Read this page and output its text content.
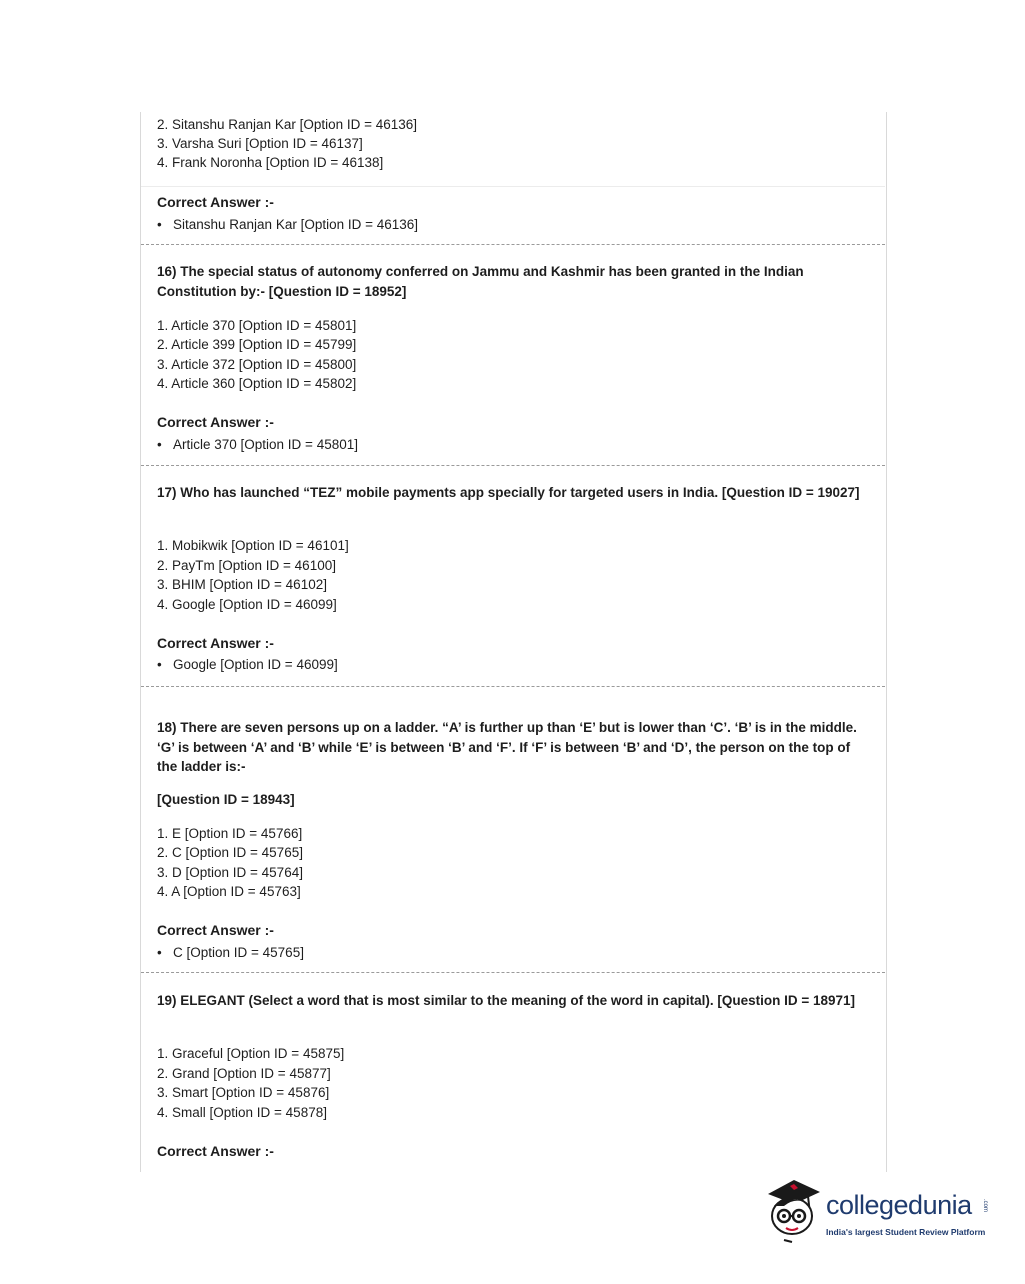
2. Sitanshu Ranjan Kar [Option ID = 46136]
3. Varsha Suri [Option ID = 46137]
4. Frank Noronha [Option ID = 46138]
Correct Answer :-
• Sitanshu Ranjan Kar [Option ID = 46136]
16) The special status of autonomy conferred on Jammu and Kashmir has been granted in the Indian Constitution by:- [Question ID = 18952]
1. Article 370 [Option ID = 45801]
2. Article 399 [Option ID = 45799]
3. Article 372 [Option ID = 45800]
4. Article 360 [Option ID = 45802]
Correct Answer :-
• Article 370 [Option ID = 45801]
17) Who has launched “TEZ” mobile payments app specially for targeted users in India. [Question ID = 19027]
1. Mobikwik [Option ID = 46101]
2. PayTm [Option ID = 46100]
3. BHIM [Option ID = 46102]
4. Google [Option ID = 46099]
Correct Answer :-
• Google [Option ID = 46099]
18) There are seven persons up on a ladder. “A’ is further up than ‘E’ but is lower than ‘C’. ‘B’ is in the middle. ‘G’ is between ‘A’ and ‘B’ while ‘E’ is between ‘B’ and ‘F’. If ‘F’ is between ‘B’ and ‘D’, the person on the top of the ladder is:-
[Question ID = 18943]
1. E [Option ID = 45766]
2. C [Option ID = 45765]
3. D [Option ID = 45764]
4. A [Option ID = 45763]
Correct Answer :-
• C [Option ID = 45765]
19) ELEGANT (Select a word that is most similar to the meaning of the word in capital). [Question ID = 18971]
1. Graceful [Option ID = 45875]
2. Grand [Option ID = 45877]
3. Smart [Option ID = 45876]
4. Small [Option ID = 45878]
Correct Answer :-
collegedunia .com
India's largest Student Review Platform
